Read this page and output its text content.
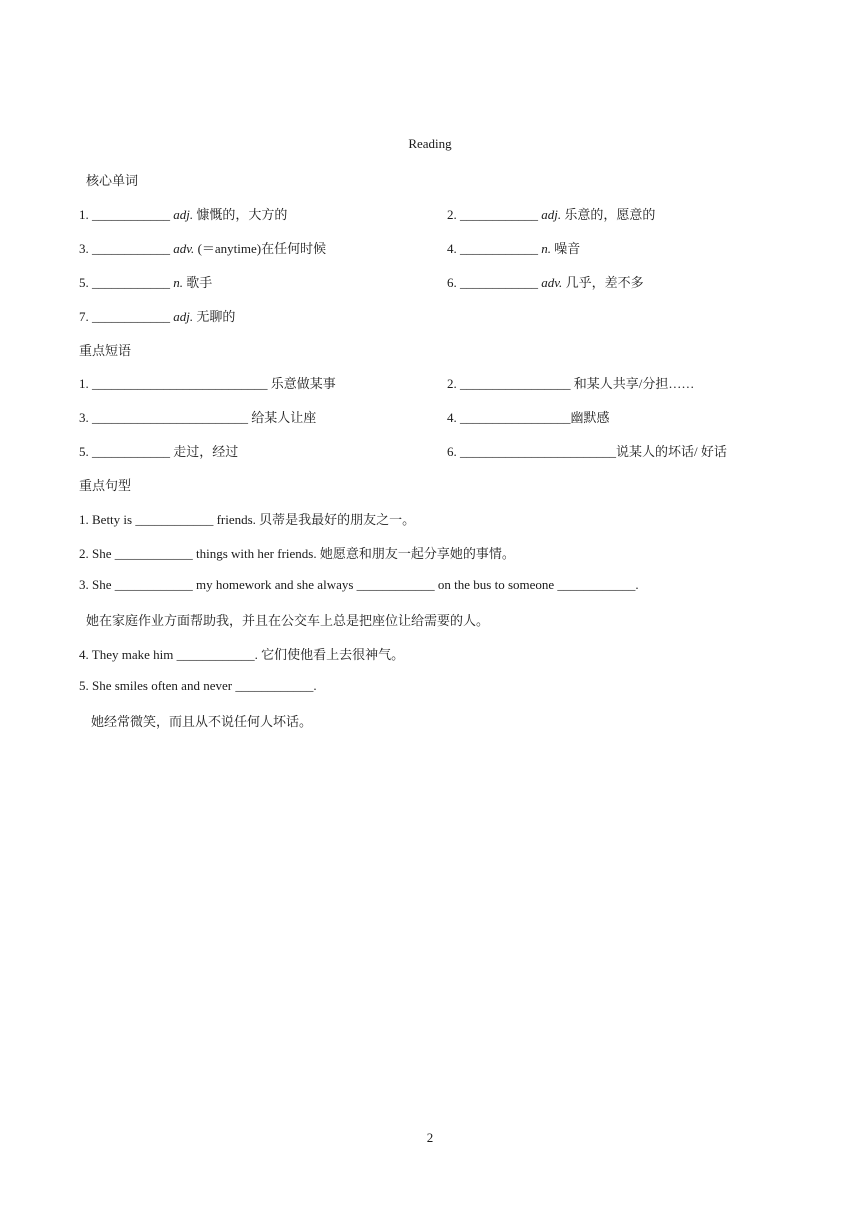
Reading
核心单词
1. ____________ adj. 慷慨的，大方的	2. ____________ adj. 乐意的，愿意的
3. ____________ adv. (＝anytime)在任何时候	4. ____________ n. 噪音
5. ____________ n. 歌手	6. ____________ adv. 几乎，差不多
7. ____________ adj. 无聊的
重点短语
1. ___________________________ 乐意做某事	2. _________________ 和某人共享/分担……
3. ________________________ 给某人让座	4. _________________幽默感
5. ____________ 走过，经过	6. ________________________说某人的坏话/ 好话
重点句型
1. Betty is ____________ friends. 贝蒂是我最好的朋友之一。
2. She ____________ things with her friends. 她愿意和朋友一起分享她的事情。
3. She ____________ my homework and she always ____________ on the bus to someone ____________.
她在家庭作业方面帮助我，并且在公交车上总是把座位让给需要的人。
4. They make him ____________. 它们使他看上去很神气。
5. She smiles often and never ____________.
她经常微笑，而且从不说任何人坏话。
2
